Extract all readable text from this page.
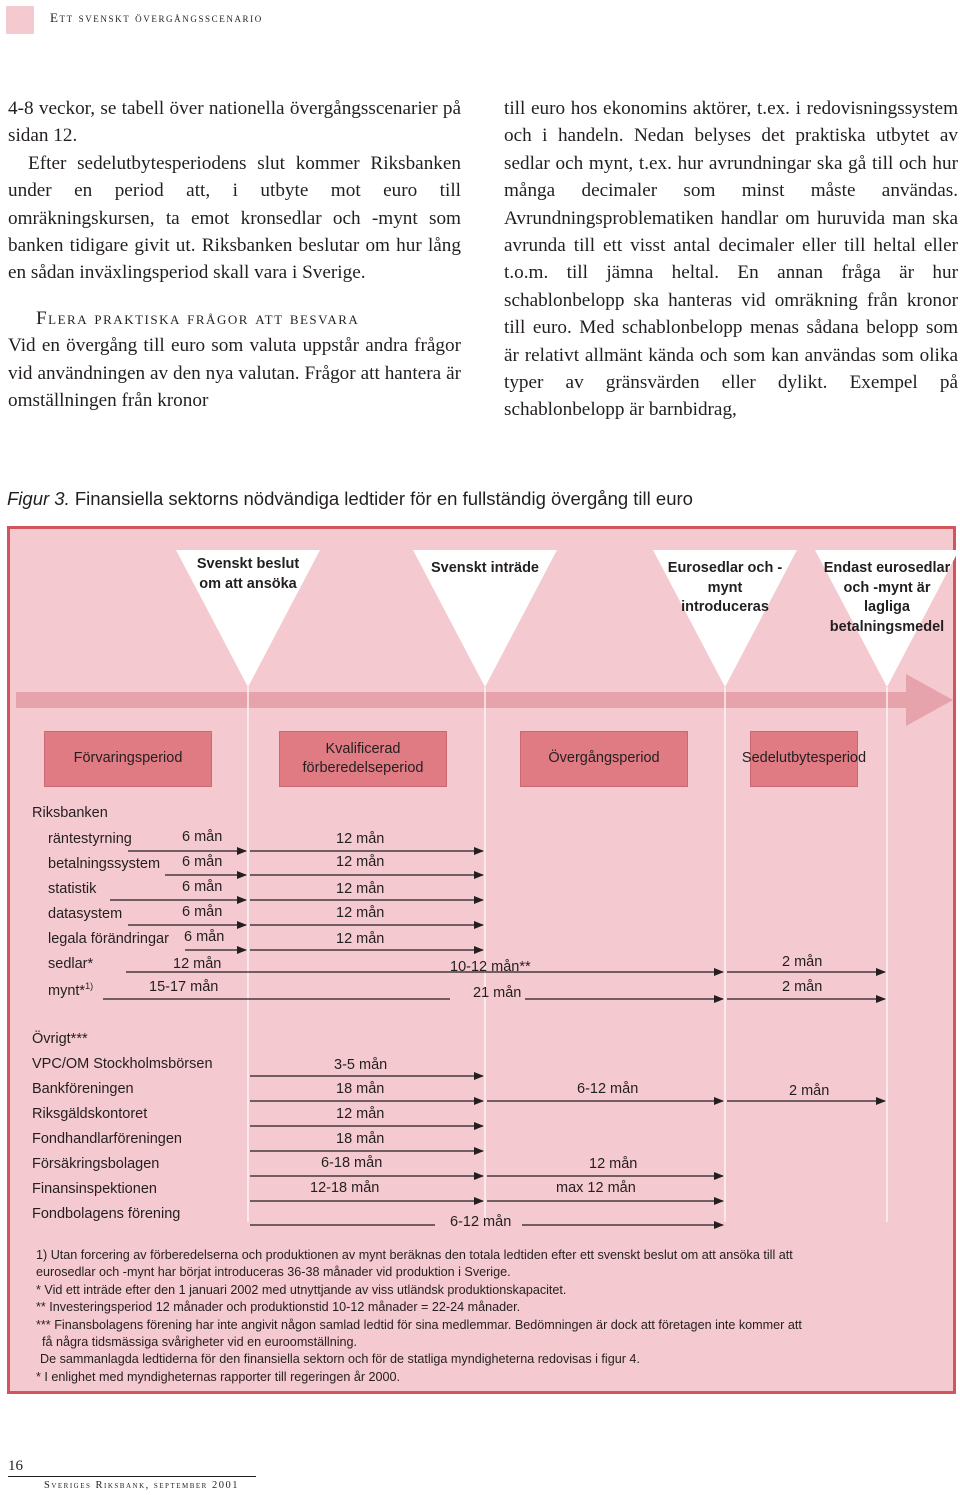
Ett svenskt övergångsscenario

4-8 veckor, se tabell över nationella övergångsscenarier på sidan 12.

Efter sedelutbytesperiodens slut kommer Riksbanken under en period att, i utbyte mot euro till omräkningskursen, ta emot kronsedlar och -mynt som banken tidigare givit ut. Riksbanken beslutar om hur lång en sådan inväxlingsperiod skall vara i Sverige.

Flera praktiska frågor att besvara

Vid en övergång till euro som valuta uppstår andra frågor vid användningen av den nya valutan. Frågor att hantera är omställningen från kronor

till euro hos ekonomins aktörer, t.ex. i redovisningssystem och i handeln. Nedan belyses det praktiska utbytet av sedlar och mynt, t.ex. hur avrundningar ska gå till och hur många decimaler som minst måste användas. Avrundningsproblematiken handlar om huruvida man ska avrunda till ett visst antal decimaler eller till heltal eller t.o.m. till jämna heltal. En annan fråga är hur schablonbelopp ska hanteras vid omräkning från kronor till euro. Med schablonbelopp menas sådana belopp som är relativt allmänt kända och som kan användas som olika typer av gränsvärden eller dylikt. Exempel på schablonbelopp är barnbidrag,

Figur 3. Finansiella sektorns nödvändiga ledtider för en fullständig övergång till euro
Svenskt beslut om att ansöka
Svenskt inträde	Eurosedlar och -mynt introduceras
Endast eurosedlar och -mynt är lagliga betalningsmedel
Förvaringsperiod
Kvalificerad förberedelseperiod
Övergångsperiod	Sedelutbytesperiod
Riksbanken
räntestyrning	6 mån	12 mån
betalningssystem 6 mån	12 mån
statistik	6 mån	12 mån
datasystem	6 mån	12 mån
legala förändringar 6 mån	12 mån
sedlar*	12 mån	10-12 mån**	2 mån
mynt*$^{1)}$	15-17 mån	21 mån	2 mån
Övrigt***
VPC/OM Stockholmsbörsen	3-5 mån
Bankföreningen	18 mån	6-12 mån	2 mån
Riksgäldskontoret	12 mån
Fondhandlarföreningen	18 mån
Försäkringsbolagen	6-18 mån	12 mån
Finansinspektionen	12-18 mån	max 12 mån
Fondbolagens förening	6-12 mån
1) Utan forcering av förberedelserna och produktionen av mynt beräknas den totala ledtiden efter ett svenskt beslut om att ansöka till att
eurosedlar och -mynt har börjat introduceras 36-38 månader vid produktion i Sverige.
* Vid ett inträde efter den 1 januari 2002 med utnyttjande av viss utländsk produktionskapacitet.
** Investeringsperiod 12 månader och produktionstid 10-12 månader = 22-24 månader.
*** Finansbolagens förening har inte angivit någon samlad ledtid för sina medlemmar. Bedömningen är dock att företagen inte kommer att
få några tidsmässiga svårigheter vid en euroomställning.
De sammanlagda ledtiderna för den finansiella sektorn och för de statliga myndigheterna redovisas i figur 4.
* I enlighet med myndigheternas rapporter till regeringen år 2000.
16
Sveriges Riksbank, september 2001
